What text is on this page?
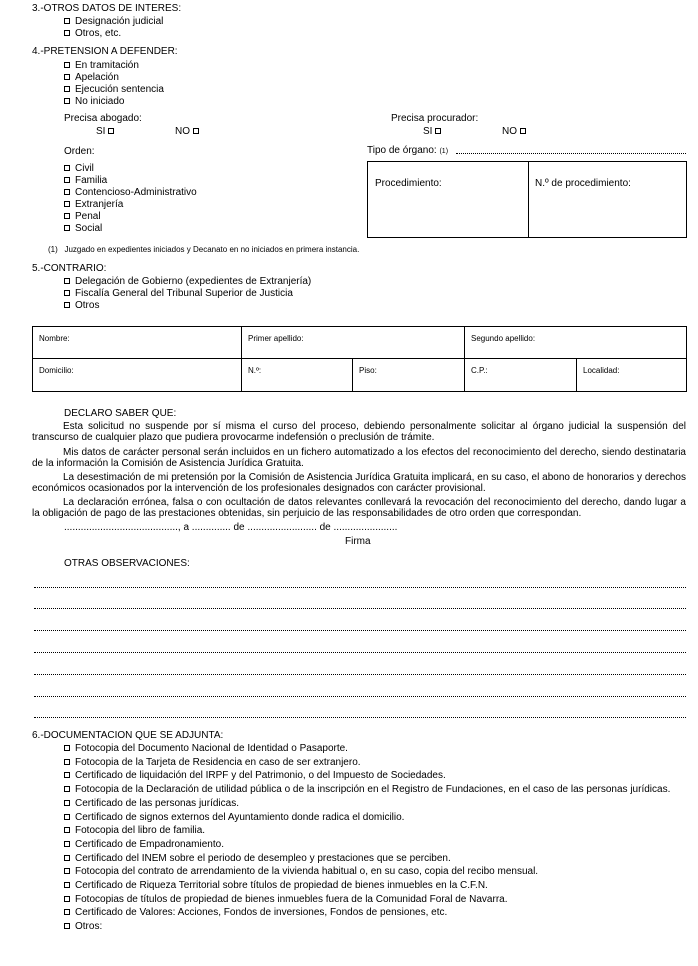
3.-OTROS DATOS DE INTERES:
Designación judicial
Otros, etc.
4.-PRETENSION A DEFENDER:
En tramitación
Apelación
Ejecución sentencia
No iniciado
Precisa abogado:
SI	NO
Precisa procurador:
SI	NO
Orden:
Civil
Familia
Contencioso-Administrativo
Extranjería
Penal
Social
Tipo de órgano: (1)
Procedimiento:	N.º de procedimiento:
(1) Juzgado en expedientes iniciados y Decanato en no iniciados en primera instancia.
5.-CONTRARIO:
Delegación de Gobierno (expedientes de Extranjería)
Fiscalía General del Tribunal Superior de Justicia
Otros
Nombre:	Primer apellido:	Segundo apellido:
Domicilio:	N.º:	Piso:	C.P.:	Localidad:
DECLARO SABER QUE:
Esta solicitud no suspende por sí misma el curso del proceso, debiendo personalmente solicitar al órgano judicial la suspensión del transcurso de cualquier plazo que pudiera provocarme indefensión o preclusión de trámite.
Mis datos de carácter personal serán incluidos en un fichero automatizado a los efectos del reconocimiento del derecho, siendo destinataria de la información la Comisión de Asistencia Jurídica Gratuita.
La desestimación de mi pretensión por la Comisión de Asistencia Jurídica Gratuita implicará, en su caso, el abono de honorarios y derechos económicos ocasionados por la intervención de los profesionales designados con carácter provisional.
La declaración errónea, falsa o con ocultación de datos relevantes conllevará la revocación del reconocimiento del derecho, dando lugar a la obligación de pago de las prestaciones obtenidas, sin perjuicio de las responsabilidades de otro orden que correspondan.
........................................., a .............. de ......................... de .......................
Firma
OTRAS OBSERVACIONES:
6.-DOCUMENTACION QUE SE ADJUNTA:
Fotocopia del Documento Nacional de Identidad o Pasaporte.
Fotocopia de la Tarjeta de Residencia en caso de ser extranjero.
Certificado de liquidación del IRPF y del Patrimonio, o del Impuesto de Sociedades.
Fotocopia de la Declaración de utilidad pública o de la inscripción en el Registro de Fundaciones, en el caso de las personas jurídicas.
Certificado de las personas jurídicas.
Certificado de signos externos del Ayuntamiento donde radica el domicilio.
Fotocopia del libro de familia.
Certificado de Empadronamiento.
Certificado del INEM sobre el periodo de desempleo y prestaciones que se perciben.
Fotocopia del contrato de arrendamiento de la vivienda habitual o, en su caso, copia del recibo mensual.
Certificado de Riqueza Territorial sobre títulos de propiedad de bienes inmuebles en la C.F.N.
Fotocopias de títulos de propiedad de bienes inmuebles fuera de la Comunidad Foral de Navarra.
Certificado de Valores: Acciones, Fondos de inversiones, Fondos de pensiones, etc.
Otros:
